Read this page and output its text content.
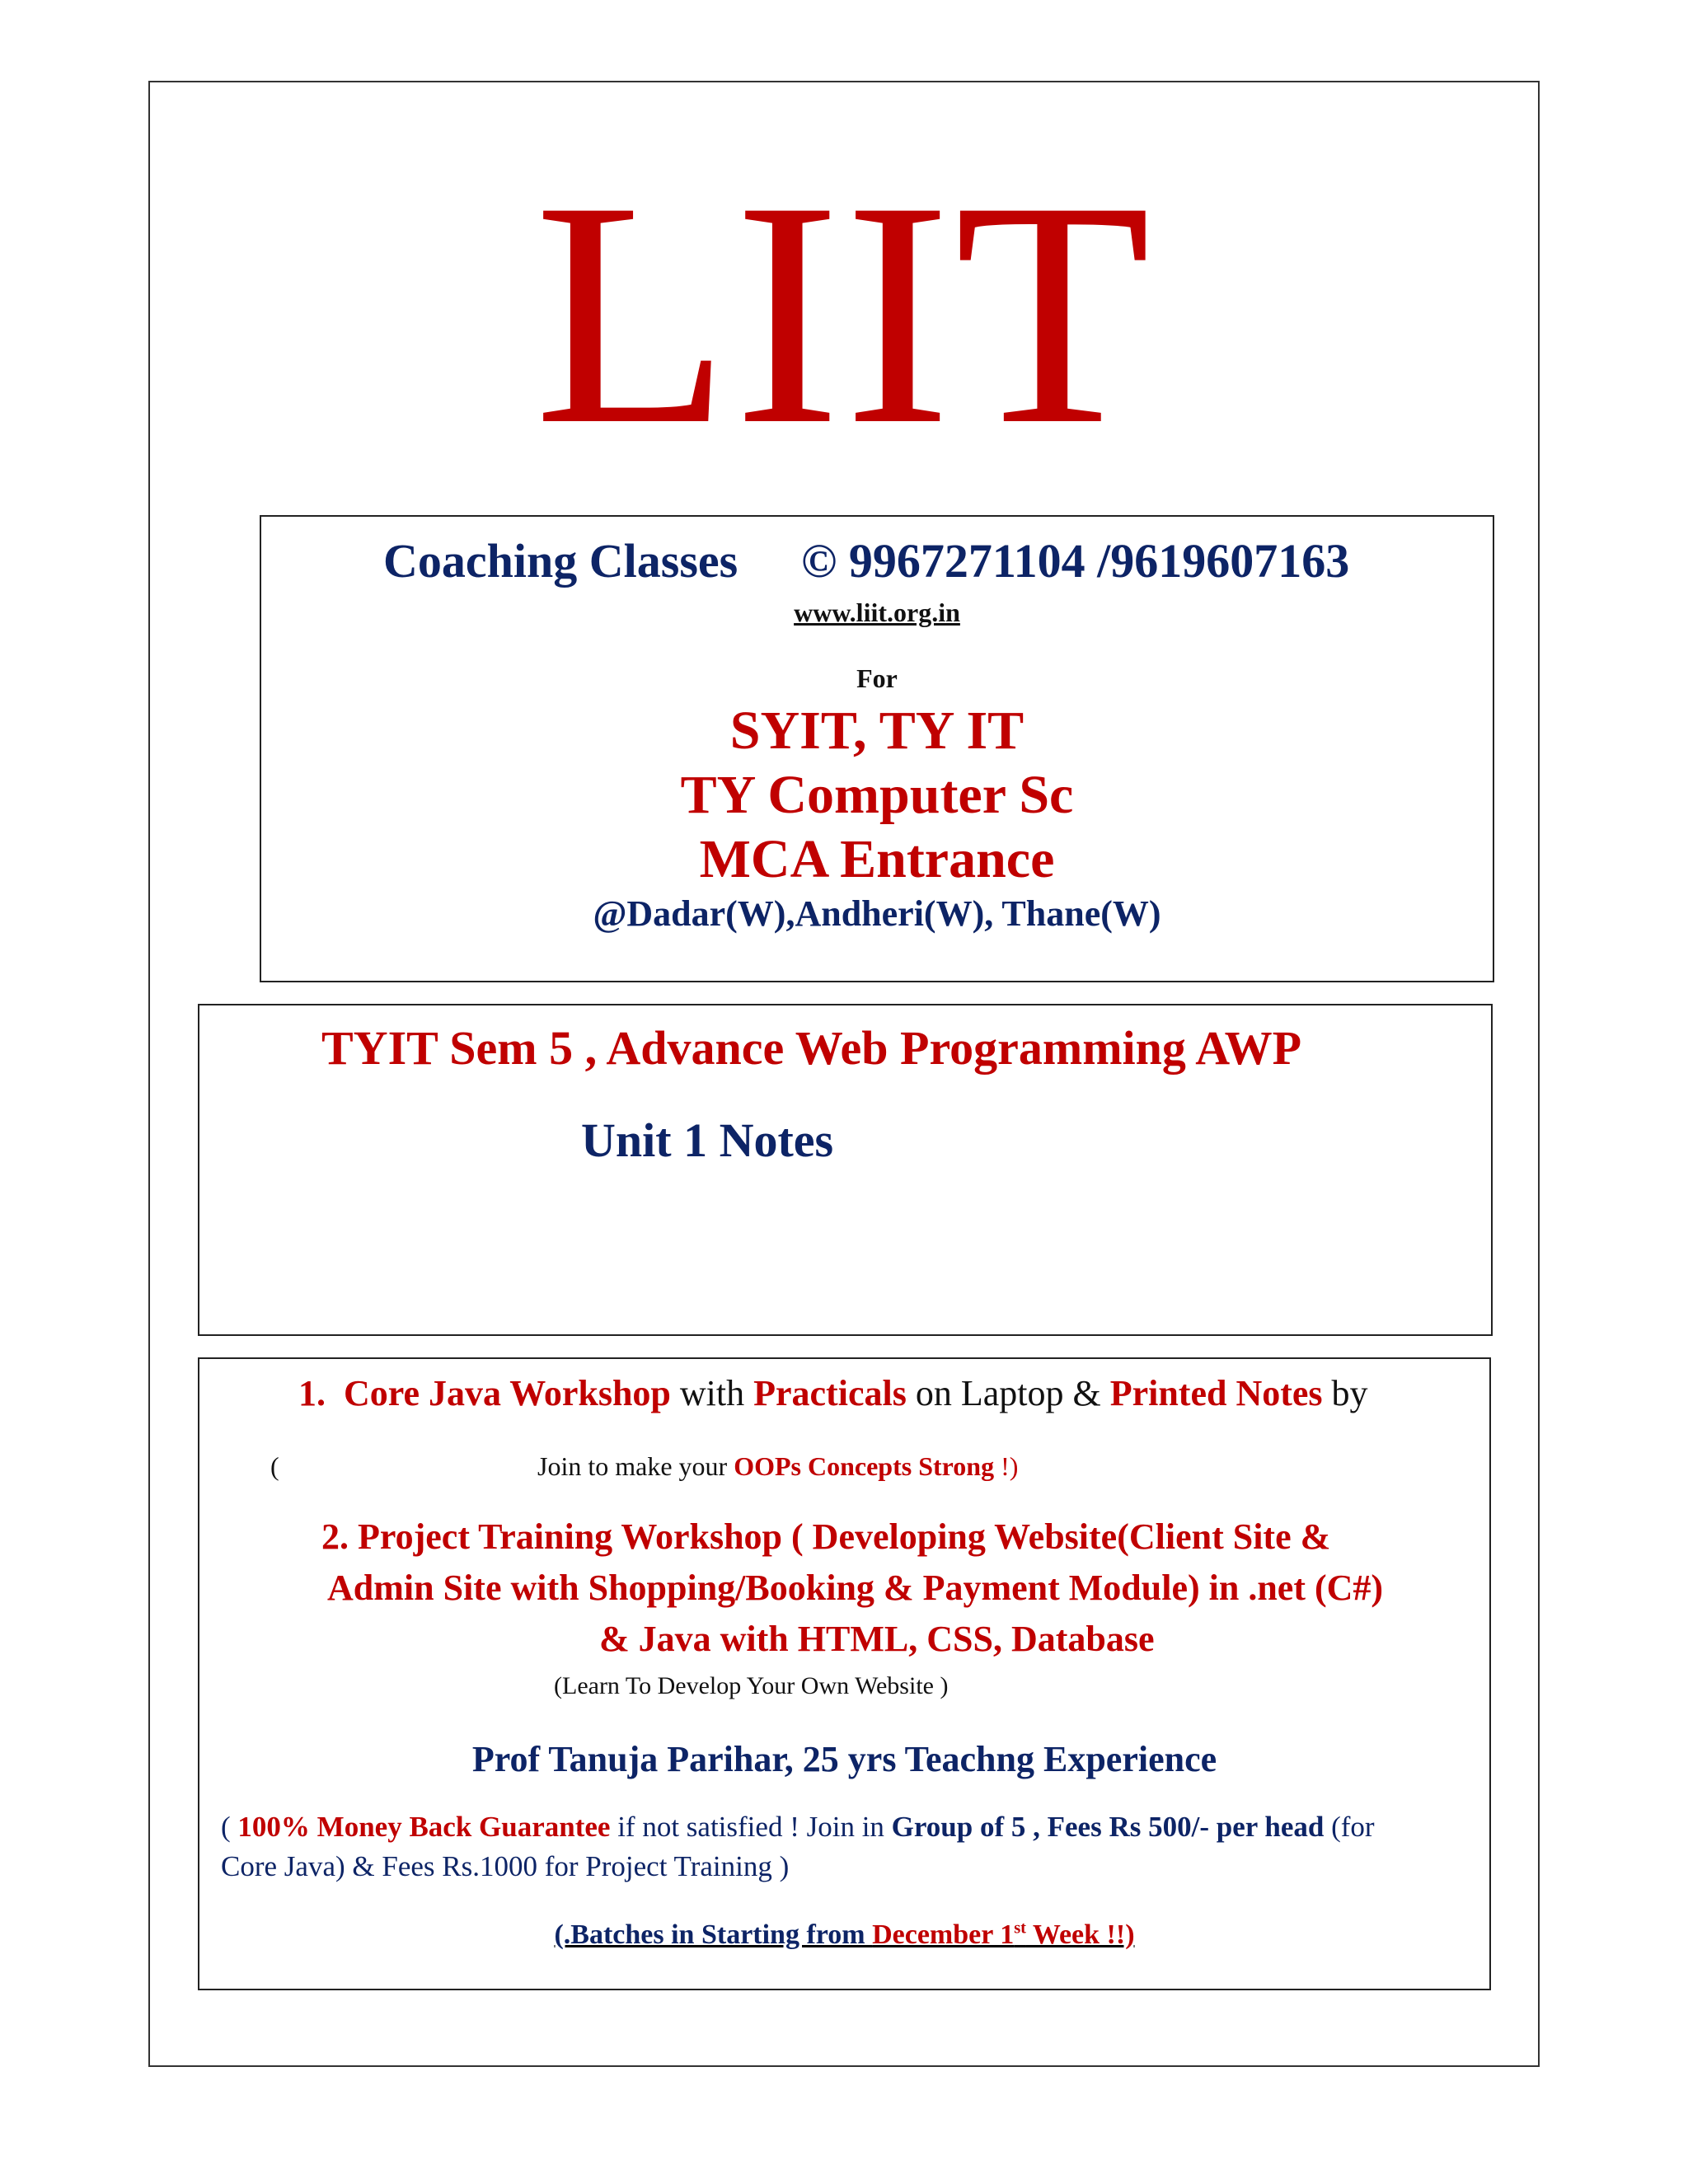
LIIT
Coaching Classes © 9967271104 /9619607163
www.liit.org.in
For
SYIT, TY IT
TY Computer Sc
MCA Entrance
@Dadar(W),Andheri(W), Thane(W)
TYIT Sem 5 , Advance Web Programming AWP
Unit 1 Notes
1. Core Java Workshop with Practicals on Laptop & Printed Notes by
(	Join to make your OOPs Concepts Strong !)
2. Project Training Workshop ( Developing Website(Client Site &
Admin Site with Shopping/Booking & Payment Module) in .net (C#)
& Java with HTML, CSS, Database
(Learn To Develop Your Own Website )
Prof Tanuja Parihar, 25 yrs Teachng Experience
( 100% Money Back Guarantee if not satisfied ! Join in Group of 5 , Fees Rs 500/- per head (for
Core Java) & Fees Rs.1000 for Project Training )
(.Batches in Starting from December 1st Week !!)
